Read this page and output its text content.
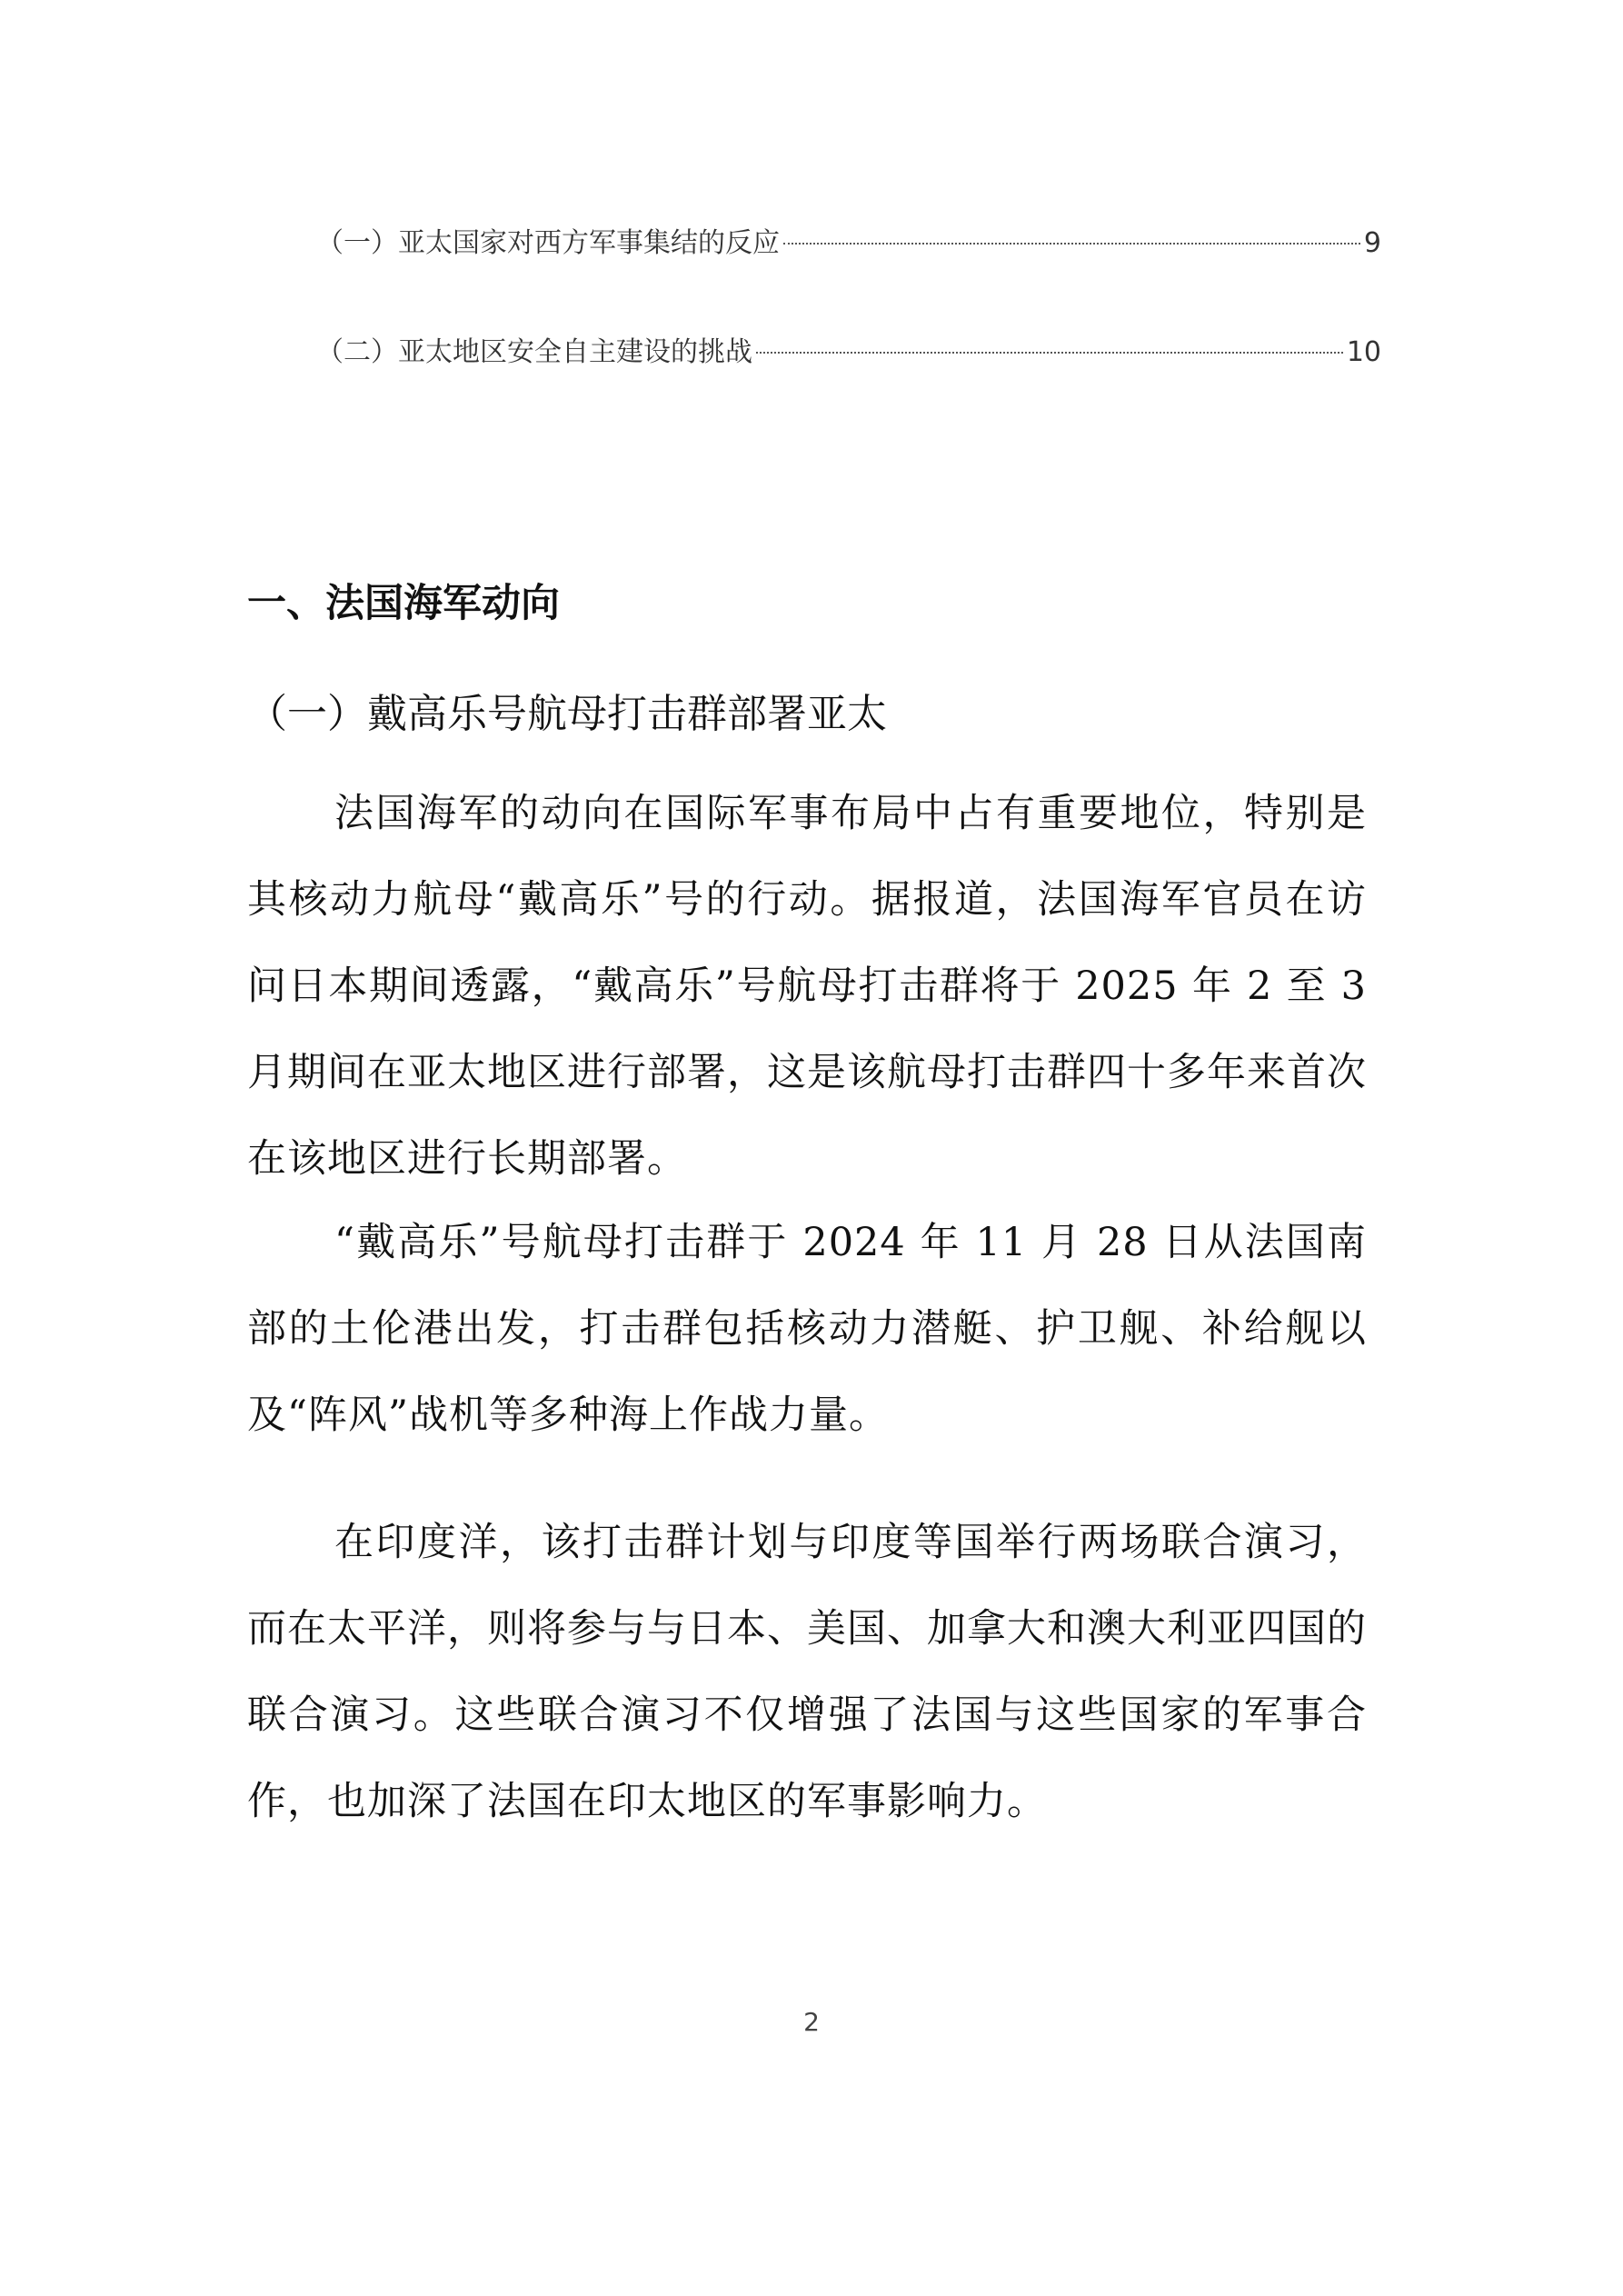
（一）亚太国家对西方军事集结的反应	9
（二）亚太地区安全自主建设的挑战	10
一、法国海军动向
（一）戴高乐号航母打击群部署亚太

法国海军的动向在国际军事布局中占有重要地位，特别是其核动力航母“戴高乐”号的行动。据报道，法国海军官员在访问日本期间透露，“戴高乐”号航母打击群将于 2025 年 2 至 3 月期间在亚太地区进行部署，这是该航母打击群四十多年来首次在该地区进行长期部署。

“戴高乐”号航母打击群于 2024 年 11 月 28 日从法国南部的土伦港出发，打击群包括核动力潜艇、护卫舰、补给舰以及“阵风”战机等多种海上作战力量。

在印度洋，该打击群计划与印度等国举行两场联合演习，而在太平洋，则将参与与日本、美国、加拿大和澳大利亚四国的联合演习。这些联合演习不仅增强了法国与这些国家的军事合作，也加深了法国在印太地区的军事影响力。

2
